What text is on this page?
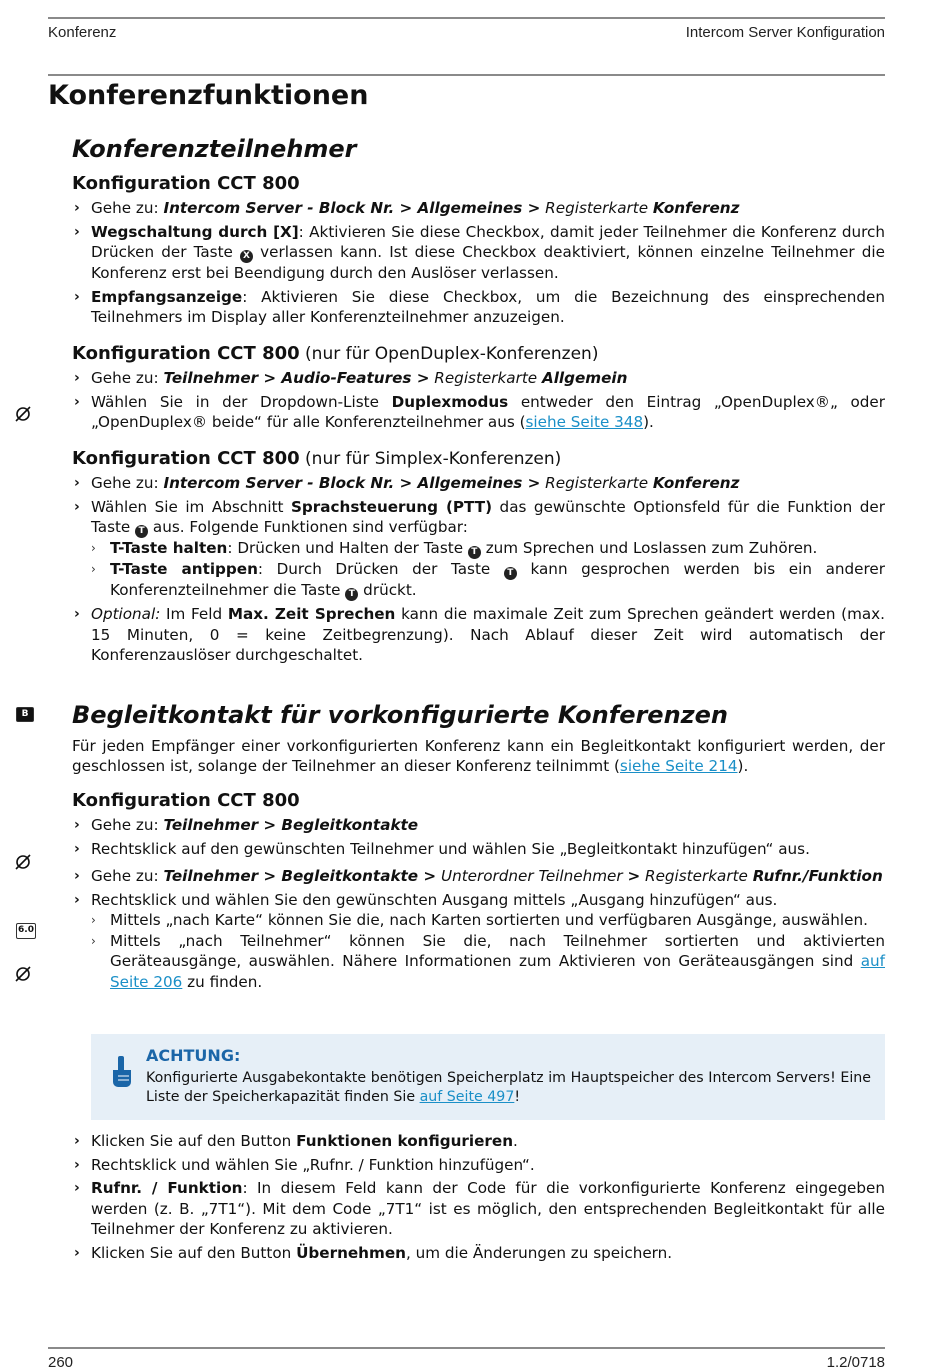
Konferenz	Intercom Server Konfiguration
Konferenzfunktionen
B
6.0
Konferenzteilnehmer
Konfiguration CCT 800
› Gehe zu: Intercom Server - Block Nr. > Allgemeines > Registerkarte Konferenz
› Wegschaltung durch [X]: Aktivieren Sie diese Checkbox, damit jeder Teilnehmer die Konferenz durch Drücken der Taste X verlassen kann. Ist diese Checkbox deaktiviert, können einzelne Teilnehmer die Konferenz erst bei Beendigung durch den Auslöser verlassen.
› Empfangsanzeige: Aktivieren Sie diese Checkbox, um die Bezeichnung des einsprechenden Teilnehmers im Display aller Konferenzteilnehmer anzuzeigen.
Konfiguration CCT 800 (nur für OpenDuplex-Konferenzen)
› Gehe zu: Teilnehmer > Audio-Features > Registerkarte Allgemein
› Wählen Sie in der Dropdown-Liste Duplexmodus entweder den Eintrag „OpenDuplex®„ oder „OpenDuplex® beide“ für alle Konferenzteilnehmer aus (siehe Seite 348).
Konfiguration CCT 800 (nur für Simplex-Konferenzen)
› Gehe zu: Intercom Server - Block Nr. > Allgemeines > Registerkarte Konferenz
› Wählen Sie im Abschnitt Sprachsteuerung (PTT) das gewünschte Optionsfeld für die Funktion der Taste T aus. Folgende Funktionen sind verfügbar:
› T-Taste halten: Drücken und Halten der Taste T zum Sprechen und Loslassen zum Zuhören.
› T-Taste antippen: Durch Drücken der Taste T kann gesprochen werden bis ein anderer Konferenzteilnehmer die Taste T drückt.
› Optional: Im Feld Max. Zeit Sprechen kann die maximale Zeit zum Sprechen geändert werden (max. 15 Minuten, 0 = keine Zeitbegrenzung). Nach Ablauf dieser Zeit wird automatisch der Konferenzauslöser durchgeschaltet.
Begleitkontakt für vorkonfigurierte Konferenzen
Für jeden Empfänger einer vorkonfigurierten Konferenz kann ein Begleitkontakt konfiguriert werden, der geschlossen ist, solange der Teilnehmer an dieser Konferenz teilnimmt (siehe Seite 214).
Konfiguration CCT 800
› Gehe zu: Teilnehmer > Begleitkontakte
› Rechtsklick auf den gewünschten Teilnehmer und wählen Sie „Begleitkontakt hinzufügen“ aus.
› Gehe zu: Teilnehmer > Begleitkontakte > Unterordner Teilnehmer > Registerkarte Rufnr./Funktion
› Rechtsklick und wählen Sie den gewünschten Ausgang mittels „Ausgang hinzufügen“ aus.
› Mittels „nach Karte“ können Sie die, nach Karten sortierten und verfügbaren Ausgänge, auswählen.
› Mittels „nach Teilnehmer“ können Sie die, nach Teilnehmer sortierten und aktivierten Geräteausgänge, auswählen. Nähere Informationen zum Aktivieren von Geräteausgängen sind auf Seite 206 zu finden.
ACHTUNG:
Konfigurierte Ausgabekontakte benötigen Speicherplatz im Hauptspeicher des Intercom Servers! Eine Liste der Speicherkapazität finden Sie auf Seite 497!
› Klicken Sie auf den Button Funktionen konfigurieren.
› Rechtsklick und wählen Sie „Rufnr. / Funktion hinzufügen“.
› Rufnr. / Funktion: In diesem Feld kann der Code für die vorkonfigurierte Konferenz eingegeben werden (z. B. „7T1“). Mit dem Code „7T1“ ist es möglich, den entsprechenden Begleitkontakt für alle Teilnehmer der Konferenz zu aktivieren.
› Klicken Sie auf den Button Übernehmen, um die Änderungen zu speichern.
260	1.2/0718
